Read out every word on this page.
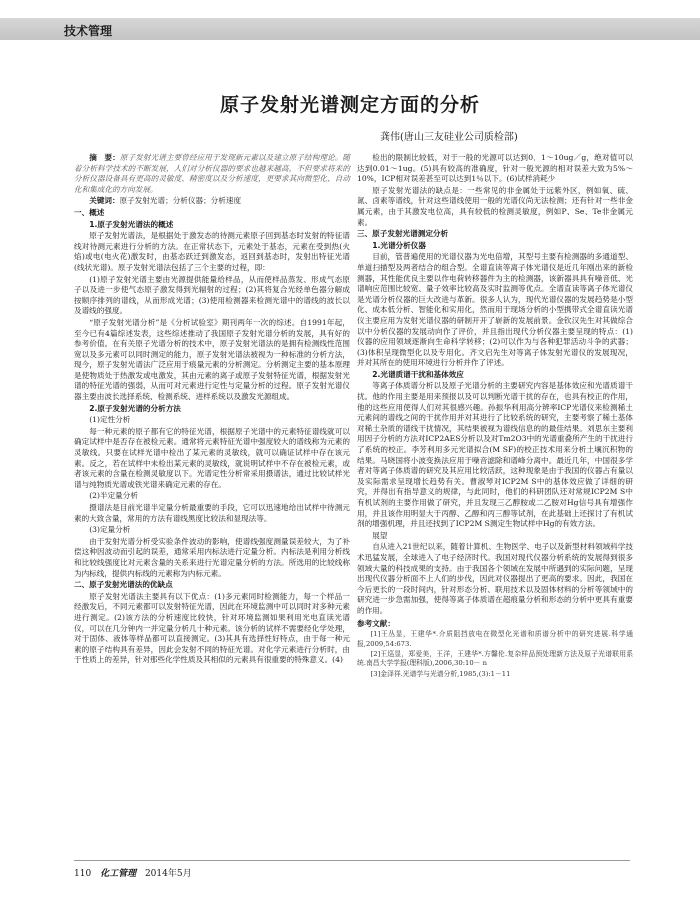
技术管理
原子发射光谱测定方面的分析
龚伟(唐山三友硅业公司质检部)

摘　要：原子发射光谱主要曾经应用于发现新元素以及建立原子结构理论。随着分析科学技术的不断发展，人们对分析仪器的要求也越来越高，不但要求将来的分析仪器设备具有更高的灵敏度、精密度以及分析速度，更要求其向微型化、自动化和集成化的方向发展。

关键词：原子发射光谱；分析仪器；分析速度

一、概述
1.原子发射光谱法的概述

原子发射光谱法，是根据处于激发态的待测元素原子回到基态时发射的特征谱线对待测元素进行分析的方法。在正常状态下，元素处于基态，元素在受到热(火焰)或电(电火花)激发时，由基态跃迁到激发态，返回到基态时，发射出特征光谱(线状光谱)。原子发射光谱法包括了三个主要的过程，即：

(1)原子发射光谱主要由光源提供能量给样品，从而使样品蒸发、形成气态原子以及进一步使气态原子激发得到光辐射的过程；(2)其将复合光经单色器分解成按顺序排列的谱线，从而形成光谱；(3)使用检测器来检测光谱中的谱线的波长以及谱线的强度。

“原子发射光谱分析”是《分析试验室》期刊两年一次的综述。自1991年起，至今已有4篇综述发表，这些综述推动了我国原子发射光谱分析的发展，具有好的参考价值。在有关原子光谱分析的技术中，原子发射光谱法的是拥有检测线性范围宽以及多元素可以同时测定的能力，原子发射光谱法被视为一种标准的分析方法，现今，原子发射光谱法广泛应用于痕量元素的分析测定。分析测定主要的基本原理是使物质处于热激发或电激发，其由元素的离子或原子发射特征光谱，根据发射光谱的特征光谱的强弱，从而可对元素进行定性与定量分析的过程。原子发射光谱仪器主要由波长选择系统、检测系统、进样系统以及激发光源组成。

2.原子发射光谱的分析方法
(1)定性分析

每一种元素的原子都有它的特征光谱，根据原子光谱中的元素特征谱线就可以确定试样中是否存在被检元素。通常将元素特征光谱中强度较大的谱线称为元素的灵敏线。只要在试样光谱中检出了某元素的灵敏线，就可以确证试样中存在该元素。反之，若在试样中未检出某元素的灵敏线，就说明试样中不存在被检元素，或者该元素的含量在检测灵敏度以下。光谱定性分析常采用摄谱法，通过比较试样光谱与纯物质光谱或铁光谱来确定元素的存在。

(2)半定量分析

摄谱法是目前光谱半定量分析最重要的手段，它可以迅速地给出试样中待测元素的大致含量，常用的方法有谱线黑度比较法和显现法等。

(3)定量分析

由于发射光谱分析受实验条件波动的影响，使谱线强度测量误差较大，为了补偿这种因波动而引起的误差，通常采用内标法进行定量分析。内标法是利用分析线和比较线强度比对元素含量的关系来进行光谱定量分析的方法。所选用的比较线称为内标线，提供内标线的元素称为内标元素。

二、原子发射光谱法的优缺点

原子发射光谱法主要具有以下优点：(1)多元素同时检测能力，每一个样品一经激发后，不同元素都可以发射特征光谱，因此在环境监测中可以同时对多种元素进行测定。(2)该方法的分析速度比较快，针对环境监测如果利用光电直读光谱仪，可以在几分钟内一并定量分析几十种元素。该分析的试样不需要经化学处理，对于固体、液体等样品都可以直接测定。(3)其具有选择性好特点，由于每一种元素的原子结构具有差异，因此会发射不同的特征光谱。对化学元素进行分析时，由于性质上的差异，针对那些化学性质及其相似的元素具有很重要的特殊意义。(4)

检出的限制比较低，对于一般的光源可以达到0．1～10ug／g，绝对值可以达到0.01～1ug。(5)具有较高的准确度，针对一般光源的相对误差大致为5%～10%，ICP相对误差甚至可以达到1％以下。(6)试样消耗少

原子发射光谱法的缺点是：一些常见的非金属处于远紫外区，例如氧、硫、氮、卤素等谱线，针对这些谱线使用一般的光谱仪尚无法检测；还有针对一些非金属元素，由于其激发电位高，具有较低的检测灵敏度，例如P、Se、Te非金属元素。

三、原子发射光谱测定分析
1.光谱分析仪器

目前，管普遍使用的光谱仪器为光电倍增，其型号主要有检测器的多通道型、单道扫描型及两者结合的组合型。全谱直读等离子体光谱仪是近几年刚出来的新检测器，其性能优良主要以作电荷转移器件为主的检测器，该新器具具有噪音低、光谱响应范围比较宽、量子效率比较高及实时监测等优点。全谱直读等离子体光谱仪是光谱分析仪器的巨大改进与革新。很多人认为，现代光谱仪器的发展趋势是小型化、成本低分析、智能化和实用化，然而用于现场分析的小型携带式全谱直读光谱仪主要应用为发射光谱仪器的研制开开了崭新的发展前景。金钦汉先生对其做综合以中分析仪器的发展动向作了评价，并且指出现代分析仪器主要呈现的特点：(1)仪器的应用领域逐渐向生命科学转移；(2)可以作为与各种犯罪活动斗争的武器；(3)体积呈现微型化以及专用化。齐文启先生对等离子体发射光谱仪的发展现况，并对其所在的使用环境进行分析并作了评述。

2.光谱质谱干扰和基体效应

等离子体质谱分析以及原子光谱分析的主要研究内容是基体效应和光谱质谱干扰。他的作用主要是用来预报以及可以判断光谱干扰的存在，也具有校正的作用，他的这些应用使得人们对其很感兴趣。孙振华利用高分辨率ICP光谱仪来检测稀土元素间的谱线之间的干扰作用并对其进行了比较系统的研究，主要考察了稀土基体对稀土杂质的谱线干扰情况，其结果被视为谱线信息的的最佳结果。刘思东主要利用因子分析的方法对ICP2AES分析以及对Tm2O3中的光谱重叠所产生的干扰进行了系统的校正。李芳利用多元光谱拟合(M SF)的校正技术用来分析土壤沉积物的结果。马晓国将小波变换法应用于噪音滤除和谱峰分离中。最近几年，中国很多学者对等离子体质谱的研究及其应用比较活跃，这种现象是由于我国的仪器占有量以及实际需求呈现增长趋势有关。曹淑琴对ICP2M S中的基体效应做了详细的研究，并得出有指导意义的规律，与此同时，他们的科研团队还对常规ICP2M S中有机试剂的主要作用做了研究，并且发现三乙醇胺或二乙胺对Hg信号具有增强作用，并且该作用明显大于丙醇、乙醇和丙三醇等试剂，在此基础上还探讨了有机试剂的增强机理，并且还找到了ICP2M S测定生物试样中Hg的有效方法。

展望

自从进入21世纪以来，随着计算机、生物医学、电子以及新型材料领域科学技术迅猛发展，全球进入了电子经济时代。我国对现代仪器分析系统的发展得到很多领域大量的科技成果的支持。由于我国各个领域在发展中所遇到的实际问题，呈现出现代仪器分析面不上人们的步伐，因此对仪器提出了更高的要求。因此，我国在今后更长的一段时间内，针对形态分析、联用技术以及固体材料的分析等领域中的研究进一步急需加强，使得等离子体质谱在超痕量分析和形态的分析中更具有重要的作用。

参考文献：

[1]王丛显，王建华*.介质阻挡放电在微型化光谱和质谱分析中的研究进展.科学通报,2009,54:673.

[2]王巡显，郑爱美，王洋，王建华*.方馨伦.复杂样品预处理新方法及原子光谱联用系统.南昌大学学报(理科版),2006,30:10－ n

[3]金泽祥.光谱学与光谱分析,1985,(3):1－11

110 化工管理 2014年5月
